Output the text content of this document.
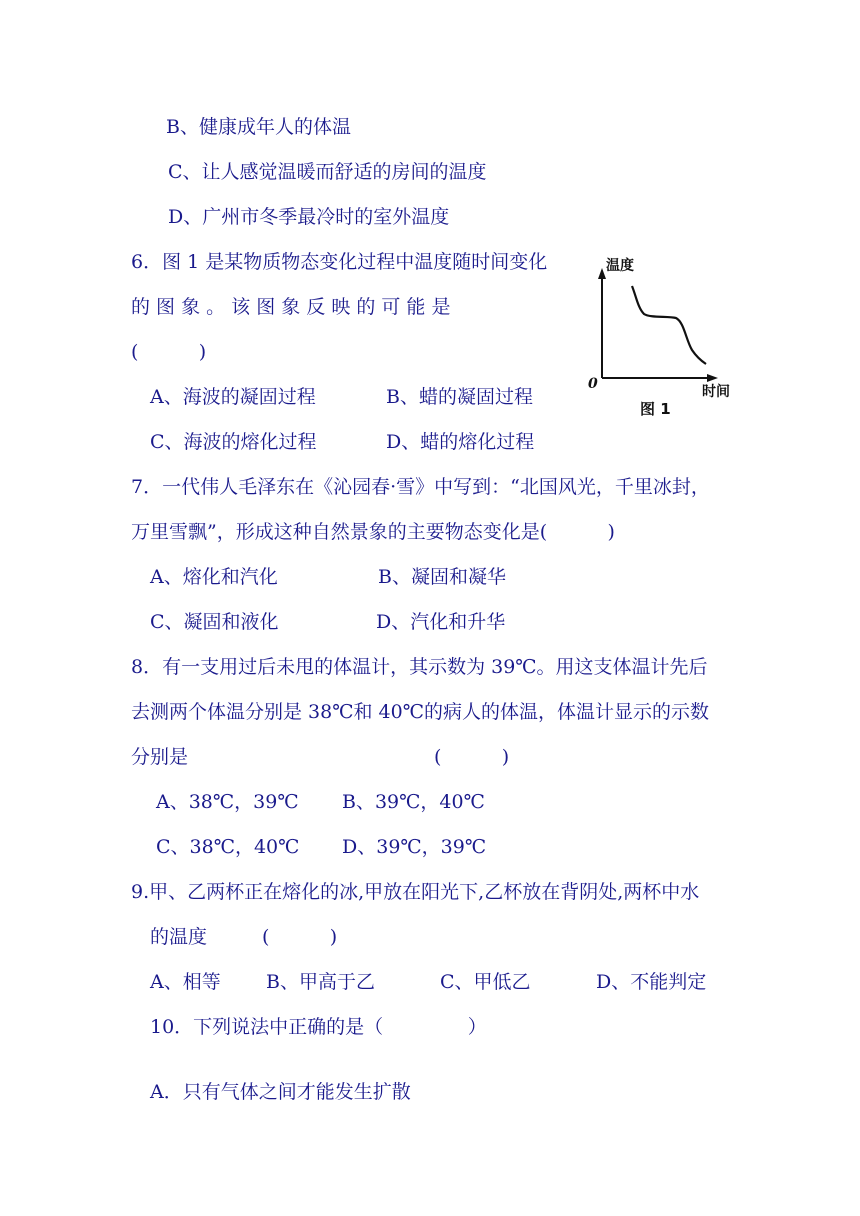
B、健康成年人的体温
C、让人感觉温暖而舒适的房间的温度
D、广州市冬季最冷时的室外温度
6．图 1 是某物质物态变化过程中温度随时间变化
的 图 象 。 该 图 象 反 映 的 可 能 是
(          )
A、海波的凝固过程	B、蜡的凝固过程
C、海波的熔化过程	D、蜡的熔化过程
温度
时间
0
图 1
7．一代伟人毛泽东在《沁园春·雪》中写到：“北国风光，千里冰封，
万里雪飘”，形成这种自然景象的主要物态变化是(          )
A、熔化和汽化	B、凝固和凝华
C、凝固和液化	D、汽化和升华
8．有一支用过后未甩的体温计，其示数为 39℃。用这支体温计先后
去测两个体温分别是 38℃和 40℃的病人的体温，体温计显示的示数
分别是	(          )
A、38℃，39℃ B、39℃，40℃
C、38℃，40℃ D、39℃，39℃
9.甲、乙两杯正在熔化的冰,甲放在阳光下,乙杯放在背阴处,两杯中水
的温度	(          )
A、相等 B、甲高于乙	C、甲低乙	D、不能判定
10．下列说法中正确的是（              ）
A．只有气体之间才能发生扩散
